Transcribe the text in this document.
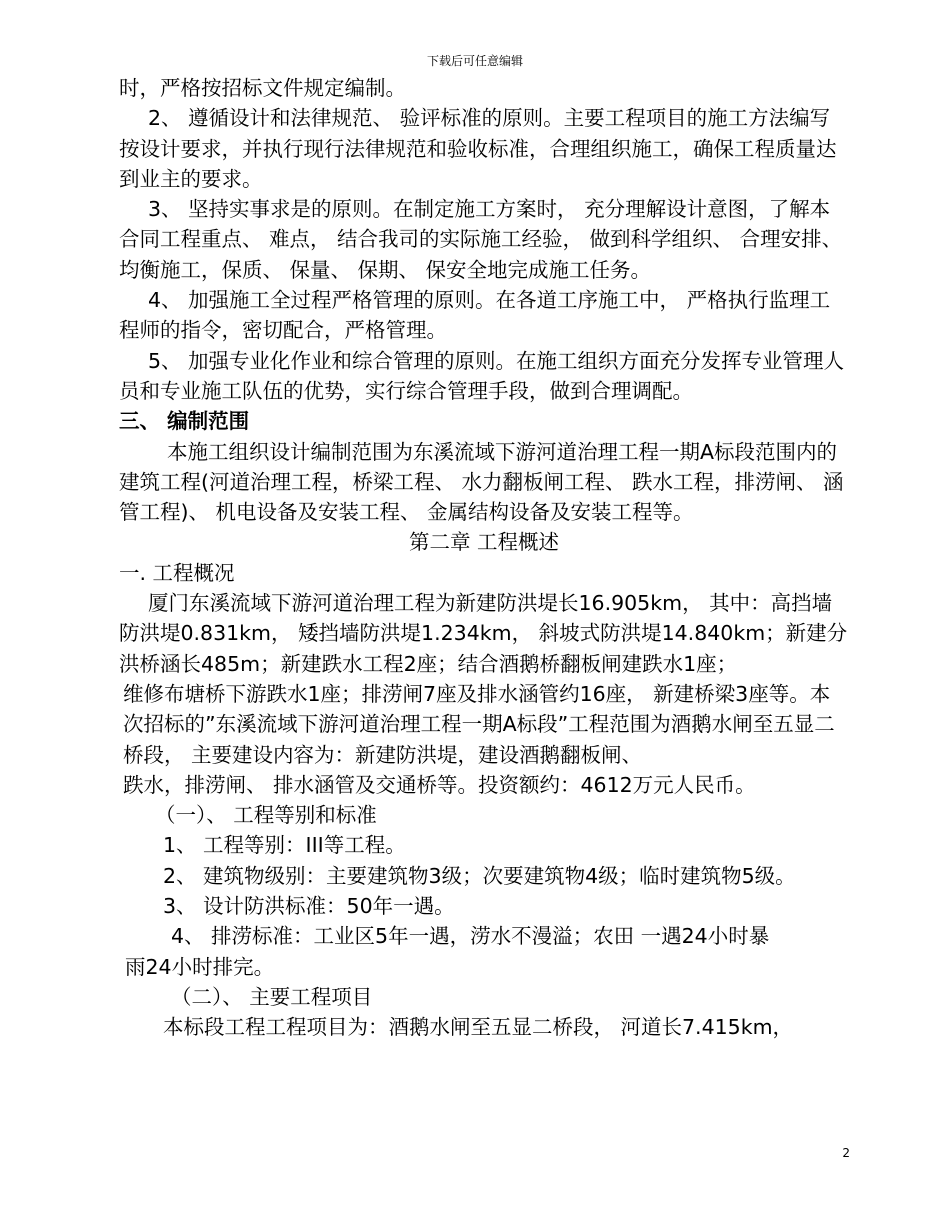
下载后可任意编辑

时，严格按招标文件规定编制。

2、 遵循设计和法律规范、 验评标准的原则。主要工程项目的施工方法编写按设计要求，并执行现行法律规范和验收标准，合理组织施工，确保工程质量达到业主的要求。

3、 坚持实事求是的原则。在制定施工方案时， 充分理解设计意图，了解本合同工程重点、 难点， 结合我司的实际施工经验， 做到科学组织、 合理安排、 均衡施工，保质、 保量、 保期、 保安全地完成施工任务。

4、 加强施工全过程严格管理的原则。在各道工序施工中， 严格执行监理工程师的指令，密切配合，严格管理。

5、 加强专业化作业和综合管理的原则。在施工组织方面充分发挥专业管理人员和专业施工队伍的优势，实行综合管理手段，做到合理调配。

三、 编制范围

本施工组织设计编制范围为东溪流域下游河道治理工程一期A标段范围内的建筑工程(河道治理工程，桥梁工程、 水力翻板闸工程、 跌水工程，排涝闸、 涵管工程)、 机电设备及安装工程、 金属结构设备及安装工程等。

第二章 工程概述

一. 工程概况

厦门东溪流域下游河道治理工程为新建防洪堤长16.905km， 其中：高挡墙防洪堤0.831km， 矮挡墙防洪堤1.234km， 斜坡式防洪堤14.840km；新建分洪桥涵长485m；新建跌水工程2座；结合酒鹅桥翻板闸建跌水1座；

维修布塘桥下游跌水1座；排涝闸7座及排水涵管约16座， 新建桥梁3座等。本次招标的”东溪流域下游河道治理工程一期A标段”工程范围为酒鹅水闸至五显二桥段， 主要建设内容为：新建防洪堤，建设酒鹅翻板闸、

跌水，排涝闸、 排水涵管及交通桥等。投资额约：4612万元人民币。

（一）、 工程等别和标准

1、 工程等别：III等工程。

2、 建筑物级别：主要建筑物3级；次要建筑物4级；临时建筑物5级。

3、 设计防洪标准：50年一遇。

4、 排涝标准：工业区5年一遇，涝水不漫溢；农田 一遇24小时暴

雨24小时排完。

（二）、 主要工程项目

本标段工程工程项目为：酒鹅水闸至五显二桥段， 河道长7.415km，

2
